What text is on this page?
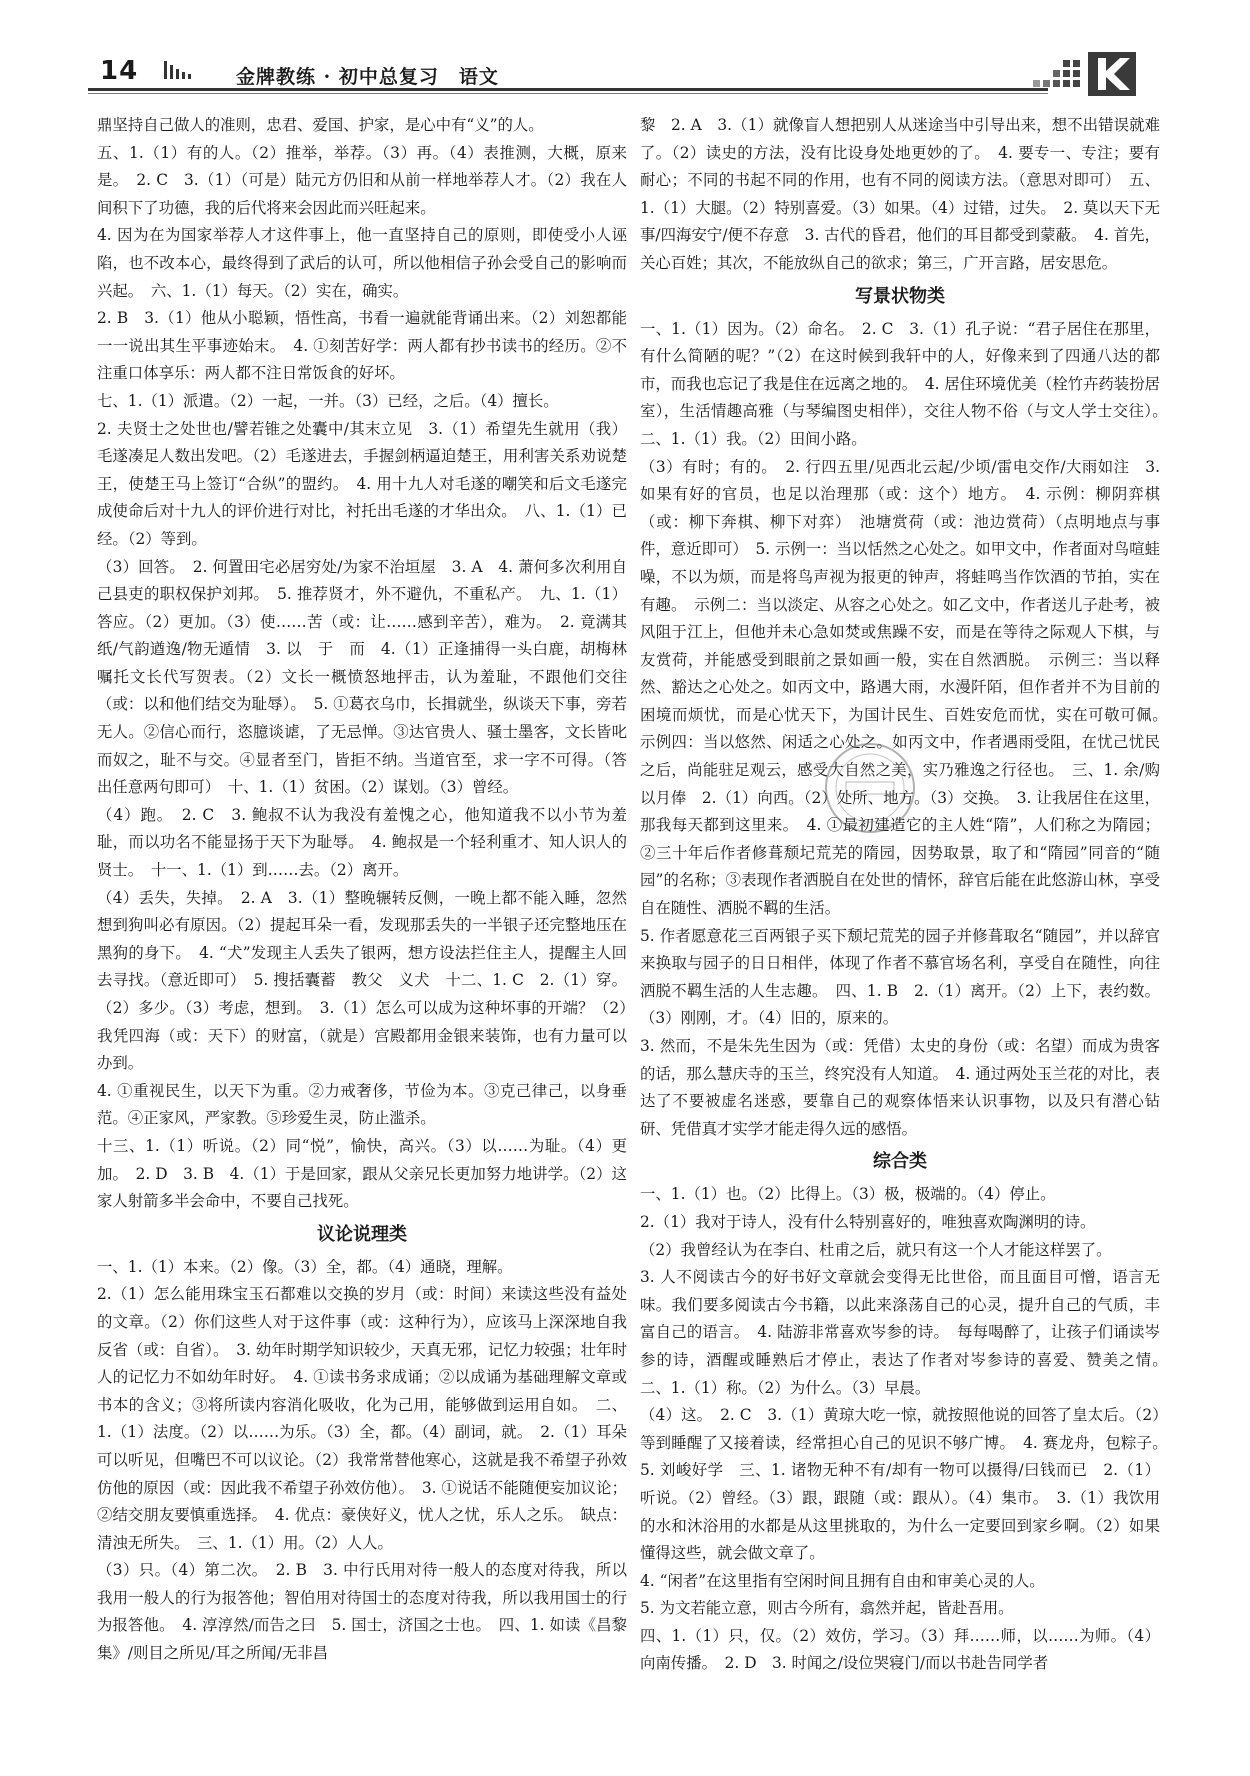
14	金牌教练 · 初中总复习　语文

鼎坚持自己做人的准则，忠君、爱国、护家，是心中有“义”的人。

五、1.（1）有的人。（2）推举，举荐。（3）再。（4）表推测，大概，原来是。　2. C　3.（1）（可是）陆元方仍旧和从前一样地举荐人才。（2）我在人间积下了功德，我的后代将来会因此而兴旺起来。

4. 因为在为国家举荐人才这件事上，他一直坚持自己的原则，即使受小人诬陷，也不改本心，最终得到了武后的认可，所以他相信子孙会受自己的影响而兴起。　六、1.（1）每天。（2）实在，确实。

2. B　3.（1）他从小聪颖，悟性高，书看一遍就能背诵出来。（2）刘恕都能一一说出其生平事迹始末。　4. ①刻苦好学：两人都有抄书读书的经历。②不注重口体享乐：两人都不注日常饭食的好坏。

七、1.（1）派遣。（2）一起，一并。（3）已经，之后。（4）擅长。

2. 夫贤士之处世也/譬若锥之处囊中/其末立见　3.（1）希望先生就用（我）毛遂凑足人数出发吧。（2）毛遂进去，手握剑柄逼迫楚王，用利害关系劝说楚王，使楚王马上签订“合纵”的盟约。　4. 用十九人对毛遂的嘲笑和后文毛遂完成使命后对十九人的评价进行对比，衬托出毛遂的才华出众。　八、1.（1）已经。（2）等到。

（3）回答。　2. 何置田宅必居穷处/为家不治垣屋　3. A　4. 萧何多次利用自己县吏的职权保护刘邦。　5. 推荐贤才，外不避仇，不重私产。　九、1.（1）答应。（2）更加。（3）使……苦（或：让……感到辛苦），难为。　2. 竟满其纸/气韵遒逸/物无遁情　3. 以　于　而　4.（1）正逢捕得一头白鹿，胡梅林嘱托文长代写贺表。（2）文长一概愤怒地抨击，认为羞耻，不跟他们交往（或：以和他们结交为耻辱）。　5. ①葛衣乌巾，长揖就坐，纵谈天下事，旁若无人。②信心而行，恣臆谈谑，了无忌惮。③达官贵人、骚士墨客，文长皆叱而奴之，耻不与交。④显者至门，皆拒不纳。当道官至，求一字不可得。（答出任意两句即可）　十、1.（1）贫困。（2）谋划。（3）曾经。

（4）跑。　2. C　3. 鲍叔不认为我没有羞愧之心，他知道我不以小节为羞耻，而以功名不能显扬于天下为耻辱。　4. 鲍叔是一个轻利重才、知人识人的贤士。　十一、1.（1）到……去。（2）离开。

（4）丢失，失掉。　2. A　3.（1）整晚辗转反侧，一晚上都不能入睡，忽然想到狗叫必有原因。（2）提起耳朵一看，发现那丢失的一半银子还完整地压在黑狗的身下。　4. “犬”发现主人丢失了银两，想方设法拦住主人，提醒主人回去寻找。（意近即可）　5. 搜括囊蓄　教父　义犬　十二、1. C　2.（1）穿。（2）多少。（3）考虑，想到。　3.（1）怎么可以成为这种坏事的开端？（2）我凭四海（或：天下）的财富，（就是）宫殿都用金银来装饰，也有力量可以办到。

4. ①重视民生，以天下为重。②力戒奢侈，节俭为本。③克己律己，以身垂范。④正家风，严家教。⑤珍爱生灵，防止滥杀。

十三、1.（1）听说。（2）同“悦”，愉快，高兴。（3）以……为耻。（4）更加。　2. D　3. B　4.（1）于是回家，跟从父亲兄长更加努力地讲学。（2）这家人射箭多半会命中，不要自己找死。

议论说理类

一、1.（1）本来。（2）像。（3）全，都。（4）通晓，理解。

2.（1）怎么能用珠宝玉石都难以交换的岁月（或：时间）来读这些没有益处的文章。（2）你们这些人对于这件事（或：这种行为），应该马上深深地自我反省（或：自省）。　3. 幼年时期学知识较少，天真无邪，记忆力较强；壮年时人的记忆力不如幼年时好。　4. ①读书务求成诵；②以成诵为基础理解文章或书本的含义；③将所读内容消化吸收，化为己用，能够做到运用自如。　二、1.（1）法度。（2）以……为乐。（3）全，都。（4）副词，就。　2.（1）耳朵可以听见，但嘴巴不可以议论。（2）我常常替他寒心，这就是我不希望子孙效仿他的原因（或：因此我不希望子孙效仿他）。　3. ①说话不能随便妄加议论；②结交朋友要慎重选择。　4. 优点：豪侠好义，忧人之忧，乐人之乐。　缺点：清浊无所失。　三、1.（1）用。（2）人人。

（3）只。（4）第二次。　2. B　3. 中行氏用对待一般人的态度对待我，所以我用一般人的行为报答他；智伯用对待国士的态度对待我，所以我用国士的行为报答他。　4. 淳淳然/而告之曰　5. 国士，济国之士也。　四、1. 如读《昌黎集》/则目之所见/耳之所闻/无非昌

黎　2. A　3.（1）就像盲人想把别人从迷途当中引导出来，想不出错误就难了。（2）读史的方法，没有比设身处地更妙的了。　4. 要专一、专注；要有耐心；不同的书起不同的作用，也有不同的阅读方法。（意思对即可）　五、1.（1）大腿。（2）特别喜爱。（3）如果。（4）过错，过失。　2. 莫以天下无事/四海安宁/便不存意　3. 古代的昏君，他们的耳目都受到蒙蔽。　4. 首先，关心百姓；其次，不能放纵自己的欲求；第三，广开言路，居安思危。

写景状物类

一、1.（1）因为。（2）命名。　2. C　3.（1）孔子说：“君子居住在那里，有什么简陋的呢？”（2）在这时候到我轩中的人，好像来到了四通八达的都市，而我也忘记了我是住在远离之地的。　4. 居住环境优美（栓竹卉药装扮居室），生活情趣高雅（与琴编图史相伴），交往人物不俗（与文人学士交往）。　二、1.（1）我。（2）田间小路。

（3）有时；有的。　2. 行四五里/见西北云起/少顷/雷电交作/大雨如注　3. 如果有好的官员，也足以治理那（或：这个）地方。　4. 示例：柳阴弈棋（或：柳下奔棋、柳下对弈）　池塘赏荷（或：池边赏荷）（点明地点与事件，意近即可）　5. 示例一：当以恬然之心处之。如甲文中，作者面对鸟喧蛙噪，不以为烦，而是将鸟声视为报更的钟声，将蛙鸣当作饮酒的节拍，实在有趣。　示例二：当以淡定、从容之心处之。如乙文中，作者送儿子赴考，被风阻于江上，但他并未心急如焚或焦躁不安，而是在等待之际观人下棋，与友赏荷，并能感受到眼前之景如画一般，实在自然洒脱。　示例三：当以释然、豁达之心处之。如丙文中，路遇大雨，水漫阡陌，但作者并不为目前的困境而烦忧，而是心忧天下，为国计民生、百姓安危而忧，实在可敬可佩。　示例四：当以悠然、闲适之心处之。如丙文中，作者遇雨受阻，在忧己忧民之后，尚能驻足观云，感受大自然之美，实乃雅逸之行径也。　三、1. 余/购以月俸　2.（1）向西。（2）处所、地方。（3）交换。　3. 让我居住在这里，那我每天都到这里来。　4. ①最初建造它的主人姓“隋”，人们称之为隋园；②三十年后作者修葺颓圮荒芜的隋园，因势取景，取了和“隋园”同音的“随园”的名称；③表现作者洒脱自在处世的情怀，辞官后能在此悠游山林，享受自在随性、洒脱不羁的生活。

5. 作者愿意花三百两银子买下颓圮荒芜的园子并修葺取名“随园”，并以辞官来换取与园子的日日相伴，体现了作者不慕官场名利，享受自在随性，向往洒脱不羁生活的人生志趣。　四、1. B　2.（1）离开。（2）上下，表约数。（3）刚刚，才。（4）旧的，原来的。

3. 然而，不是朱先生因为（或：凭借）太史的身份（或：名望）而成为贵客的话，那么慧庆寺的玉兰，终究没有人知道。　4. 通过两处玉兰花的对比，表达了不要被虚名迷惑，要靠自己的观察体悟来认识事物，以及只有潜心钻研、凭借真才实学才能走得久远的感悟。

综合类

一、1.（1）也。（2）比得上。（3）极，极端的。（4）停止。

2.（1）我对于诗人，没有什么特别喜好的，唯独喜欢陶渊明的诗。

（2）我曾经认为在李白、杜甫之后，就只有这一个人才能这样罢了。

3. 人不阅读古今的好书好文章就会变得无比世俗，而且面目可憎，语言无味。我们要多阅读古今书籍，以此来涤荡自己的心灵，提升自己的气质，丰富自己的语言。　4. 陆游非常喜欢岑参的诗。　每每喝醉了，让孩子们诵读岑参的诗，酒醒或睡熟后才停止，表达了作者对岑参诗的喜爱、赞美之情。　二、1.（1）称。（2）为什么。（3）早晨。

（4）这。　2. C　3.（1）黄琼大吃一惊，就按照他说的回答了皇太后。（2）等到睡醒了又接着读，经常担心自己的见识不够广博。　4. 赛龙舟，包粽子。　5. 刘峻好学　三、1. 诸物无种不有/却有一物可以摄得/曰钱而已　2.（1）听说。（2）曾经。（3）跟，跟随（或：跟从）。（4）集市。　3.（1）我饮用的水和沐浴用的水都是从这里挑取的，为什么一定要回到家乡啊。（2）如果懂得这些，就会做文章了。

4. “闲者”在这里指有空闲时间且拥有自由和审美心灵的人。

5. 为文若能立意，则古今所有，翕然并起，皆赴吾用。

四、1.（1）只，仅。（2）效仿，学习。（3）拜……师，以……为师。（4）向南传播。　2. D　3. 时闻之/设位哭寝门/而以书赴告同学者
